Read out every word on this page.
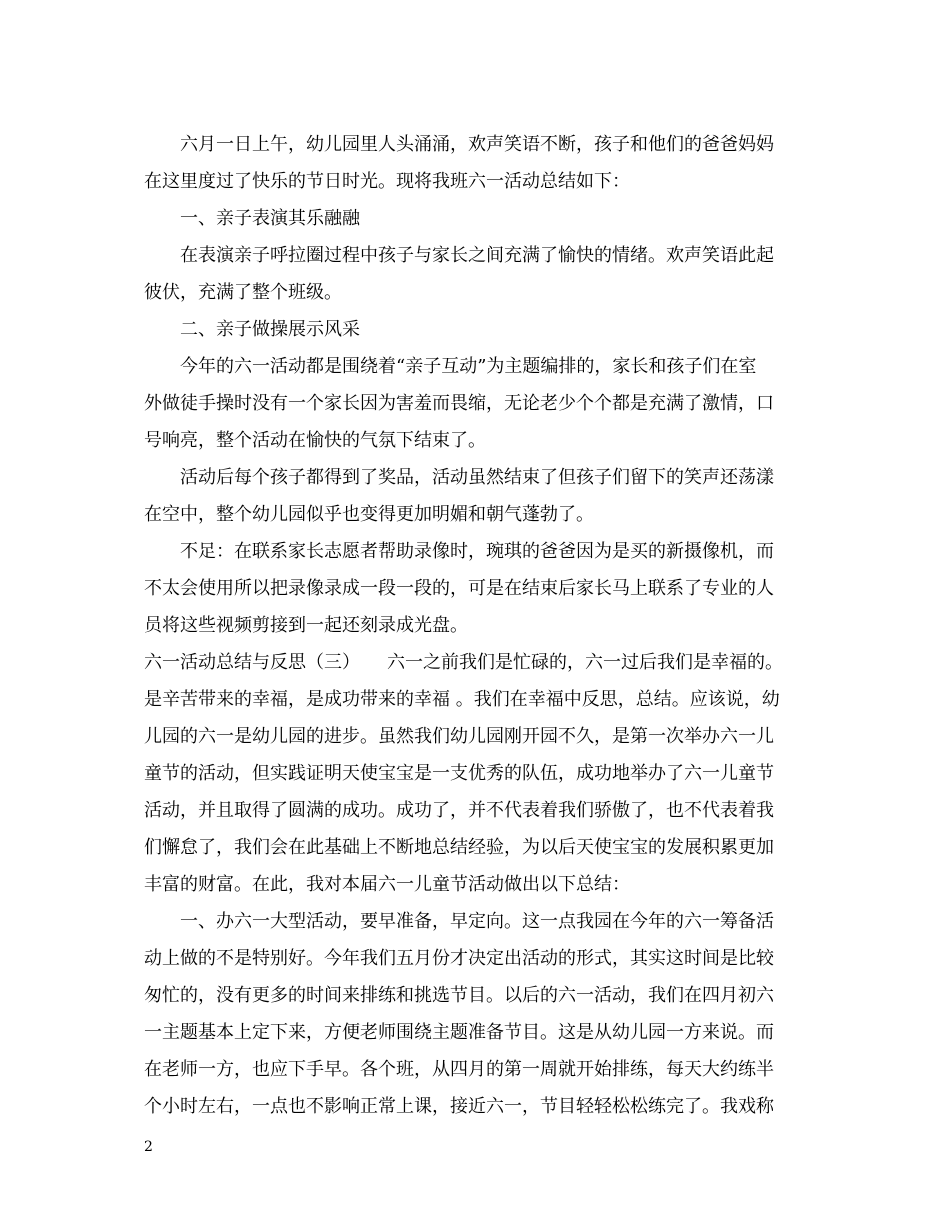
六月一日上午，幼儿园里人头涌涌，欢声笑语不断，孩子和他们的爸爸妈妈
在这里度过了快乐的节日时光。现将我班六一活动总结如下：
一、亲子表演其乐融融
在表演亲子呼拉圈过程中孩子与家长之间充满了愉快的情绪。欢声笑语此起
彼伏，充满了整个班级。
二、亲子做操展示风采
今年的六一活动都是围绕着“亲子互动”为主题编排的，家长和孩子们在室
外做徒手操时没有一个家长因为害羞而畏缩，无论老少个个都是充满了激情，口
号响亮，整个活动在愉快的气氛下结束了。
活动后每个孩子都得到了奖品，活动虽然结束了但孩子们留下的笑声还荡漾
在空中，整个幼儿园似乎也变得更加明媚和朝气蓬勃了。
不足：在联系家长志愿者帮助录像时，琬琪的爸爸因为是买的新摄像机，而
不太会使用所以把录像录成一段一段的，可是在结束后家长马上联系了专业的人
员将这些视频剪接到一起还刻录成光盘。
六一活动总结与反思（三）　　六一之前我们是忙碌的，六一过后我们是幸福的。
是辛苦带来的幸福，是成功带来的幸福 。我们在幸福中反思，总结。应该说，幼
儿园的六一是幼儿园的进步。虽然我们幼儿园刚开园不久，是第一次举办六一儿
童节的活动，但实践证明天使宝宝是一支优秀的队伍，成功地举办了六一儿童节
活动，并且取得了圆满的成功。成功了，并不代表着我们骄傲了，也不代表着我
们懈怠了，我们会在此基础上不断地总结经验，为以后天使宝宝的发展积累更加
丰富的财富。在此，我对本届六一儿童节活动做出以下总结：
一、办六一大型活动，要早准备，早定向。这一点我园在今年的六一筹备活
动上做的不是特别好。今年我们五月份才决定出活动的形式，其实这时间是比较
匆忙的，没有更多的时间来排练和挑选节目。以后的六一活动，我们在四月初六
一主题基本上定下来，方便老师围绕主题准备节目。这是从幼儿园一方来说。而
在老师一方，也应下手早。各个班，从四月的第一周就开始排练，每天大约练半
个小时左右，一点也不影响正常上课，接近六一，节目轻轻松松练完了。我戏称
2
